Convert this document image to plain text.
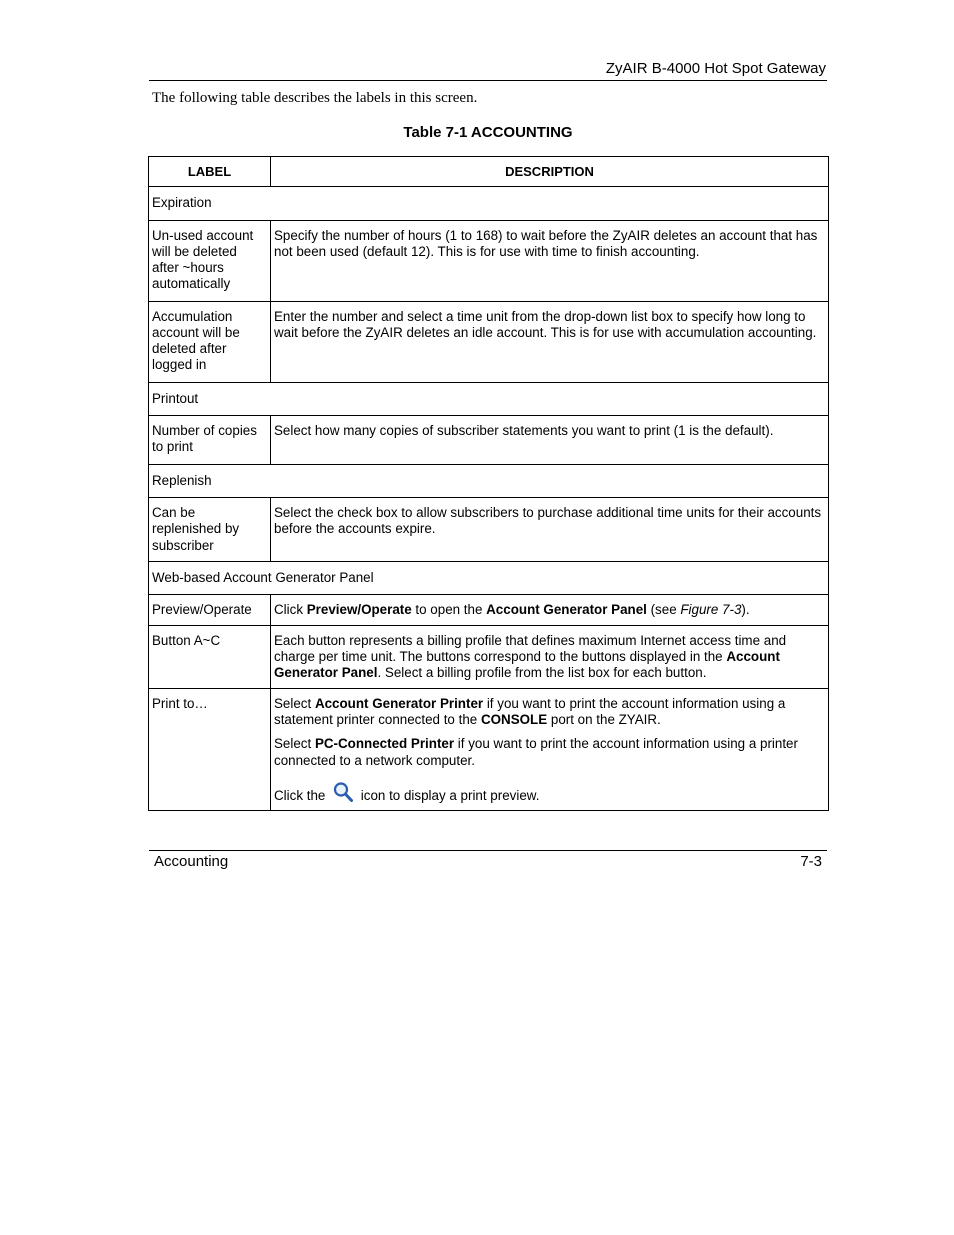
ZyAIR B-4000 Hot Spot Gateway
The following table describes the labels in this screen.
Table 7-1 ACCOUNTING
LABEL	DESCRIPTION
Expiration	
Un-used account will be deleted after ~hours automatically	Specify the number of hours (1 to 168) to wait before the ZyAIR deletes an account that has not been used (default 12). This is for use with time to finish accounting.
Accumulation account will be deleted after logged in	Enter the number and select a time unit from the drop-down list box to specify how long to wait before the ZyAIR deletes an idle account. This is for use with accumulation accounting.
Printout	
Number of copies to print	Select how many copies of subscriber statements you want to print (1 is the default).
Replenish	
Can be replenished by subscriber	Select the check box to allow subscribers to purchase additional time units for their accounts before the accounts expire.
Web-based Account Generator Panel	
Preview/Operate	Click Preview/Operate to open the Account Generator Panel (see Figure 7-3).
Button A~C	Each button represents a billing profile that defines maximum Internet access time and charge per time unit. The buttons correspond to the buttons displayed in the Account Generator Panel. Select a billing profile from the list box for each button.
Print to…	Select Account Generator Printer if you want to print the account information using a statement printer connected to the CONSOLE port on the ZYAIR.

Select PC-Connected Printer if you want to print the account information using a printer connected to a network computer.

Click the  icon to display a print preview.

Accounting	7-3
